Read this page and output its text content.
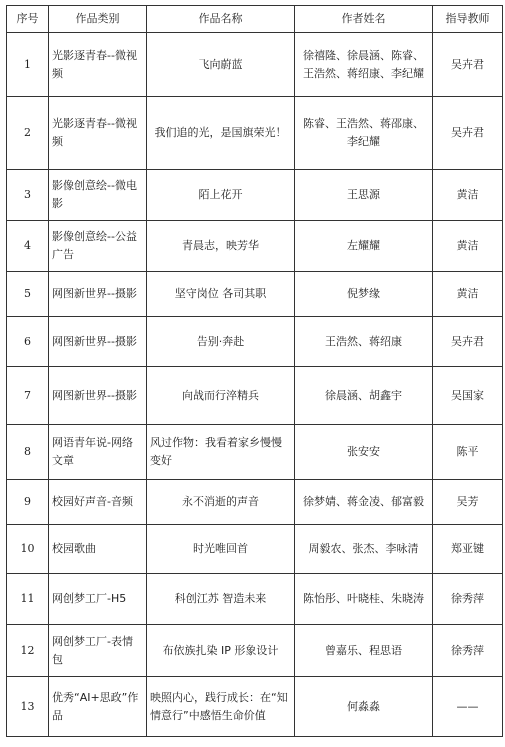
序号	作品类别	作品名称	作者姓名	指导教师
1	光影逐青春--微视频	飞向蔚蓝	徐禧隆、徐晨涵、陈睿、王浩然、蒋绍康、李纪耀	吴卉君
2	光影逐青春--微视频	我们追的光，是国旗荣光！	陈睿、王浩然、蒋邵康、李纪耀	吴卉君
3	影像创意绘--微电影	陌上花开	王思源	黄洁
4	影像创意绘--公益广告	青晨志，映芳华	左耀耀	黄洁
5	网图新世界--摄影	坚守岗位 各司其职	倪梦缘	黄洁
6	网图新世界--摄影	告别·奔赴	王浩然、蒋绍康	吴卉君
7	网图新世界--摄影	向战而行淬精兵	徐晨涵、胡鑫宇	吴国家
8	网语青年说-网络文章	风过作物：我看着家乡慢慢变好	张安安	陈平
9	校园好声音-音频	永不消逝的声音	徐梦婧、蒋金凌、郁富毅	吴芳
10	校园歌曲	时光唯回首	周毅农、张杰、李咏清	郑亚键
11	网创梦工厂-H5	科创江苏 智造未来	陈怡彤、叶晓桂、朱晓涛	徐秀萍
12	网创梦工厂-表情包	布依族扎染 IP 形象设计	曾嘉乐、程思语	徐秀萍
13	优秀“AI+思政”作品	映照内心，践行成长：在“知情意行”中感悟生命价值	何淼淼	——
